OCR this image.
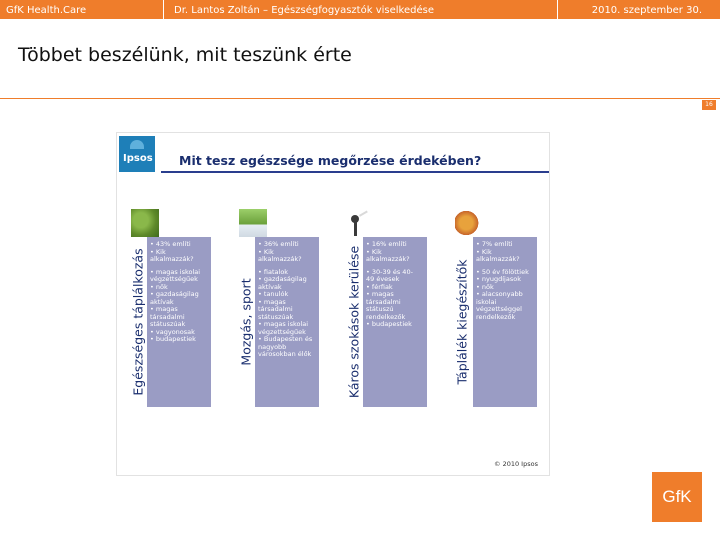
GfK Health.Care	Dr. Lantos Zoltán – Egészségfogyasztók viselkedése	2010. szeptember 30.
Többet beszélünk, mit teszünk érte
16
Ipsos Mit tesz egészsége megőrzése érdekében?
Egészséges táplálkozás
• 43% említi
• Kik
alkalmazzák?
• magas iskolai
végzettségűek
• nők
• gazdaságilag
aktívak
• magas
társadalmi
státuszúak
• vagyonosak
• budapestiek	Mozgás, sport
• 36% említi
• Kik
alkalmazzák?
• fiatalok
• gazdaságilag
aktívak
• tanulók
• magas
társadalmi
státuszúak
• magas iskolai
végzettségűek
• Budapesten és
nagyobb
városokban élők	Káros szokások kerülése
• 16% említi
• Kik
alkalmazzák?
• 30-39 és 40-
49 évesek
• férfiak
• magas
társadalmi
státuszú
rendelkezők
• budapestiek	Táplálék kiegészítők
• 7% említi
• Kik
alkalmazzák?
• 50 év fölöttiek
• nyugdíjasok
• nők
• alacsonyabb
iskolai
végzettséggel
rendelkezők
© 2010 Ipsos
GfK
